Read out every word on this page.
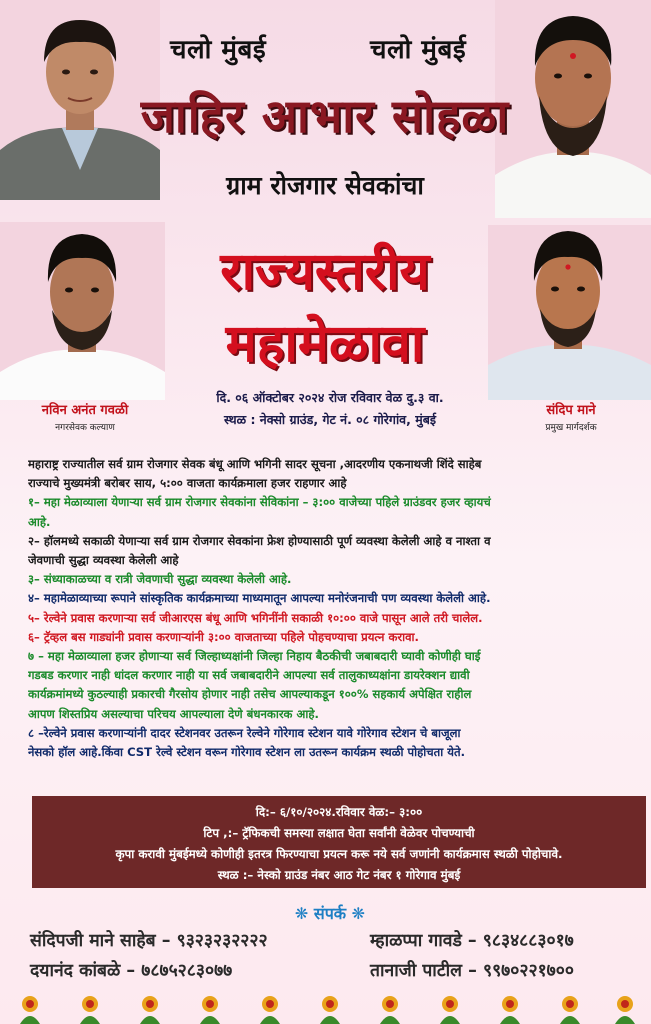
चलो मुंबई	चलो मुंबई
जाहिर आभार सोहळा
ग्राम रोजगार सेवकांचा
राज्यस्तरीय
महामेळावा
नविन अनंत गवळी
नगरसेवक कल्याण
संदिप माने
प्रमुख मार्गदर्शक
दि. ०६ ऑक्टोबर २०२४ रोज रविवार वेळ दु.३ वा.
स्थळ : नेक्सो ग्राउंड, गेट नं. ०८ गोरेगांव, मुंबई

महाराष्ट्र राज्यातील सर्व ग्राम रोजगार सेवक बंधू आणि भगिनी सादर सूचना ,आदरणीय एकनाथजी शिंदे साहेब

राज्याचे मुख्यमंत्री बरोबर साय, ५:०० वाजता कार्यक्रमाला हजर राहणार आहे

१– महा मेळाव्याला येणाऱ्या सर्व ग्राम रोजगार सेवकांना सेविकांना – ३:०० वाजेच्या पहिले ग्राउंडवर हजर व्हायचं

आहे.

२– हॉलमध्ये सकाळी येणाऱ्या सर्व ग्राम रोजगार सेवकांना फ्रेश होण्यासाठी पूर्ण व्यवस्था केलेली आहे व नाश्ता व

जेवणाची सुद्धा व्यवस्था केलेली आहे

३– संध्याकाळच्या व रात्री जेवणाची सुद्धा व्यवस्था केलेली आहे.

४– महामेळाव्याच्या रूपाने सांस्कृतिक कार्यक्रमाच्या माध्यमातून आपल्या मनोरंजनाची पण व्यवस्था केलेली आहे.

५– रेल्वेने प्रवास करणाऱ्या सर्व जीआरएस बंधू आणि भगिनींनी सकाळी १०:०० वाजे पासून आले तरी चालेल.

६– ट्रॅव्हल बस गाड्यांनी प्रवास करणाऱ्यांनी ३:०० वाजताच्या पहिले पोहचण्याचा प्रयत्न करावा.

७ – महा मेळाव्याला हजर होणाऱ्या सर्व जिल्हाध्यक्षांनी जिल्हा निहाय बैठकीची जबाबदारी घ्यावी कोणीही घाई

गडबड करणार नाही धांदल करणार नाही या सर्व जबाबदारीने आपल्या सर्व तालुकाध्यक्षांना डायरेक्शन द्यावी

कार्यक्रमांमध्ये कुठल्याही प्रकारची गैरसोय होणार नाही तसेच आपल्याकडून १००% सहकार्य अपेक्षित राहील

आपण शिस्तप्रिय असल्याचा परिचय आपल्याला देणे बंधनकारक आहे.

८ –रेल्वेने प्रवास करणाऱ्यांनी दादर स्टेशनवर उतरून रेल्वेने गोरेगाव स्टेशन यावे गोरेगाव स्टेशन चे बाजूला

नेसको हॉल आहे.किंवा CST रेल्वे स्टेशन वरून गोरेगाव स्टेशन ला उतरून कार्यक्रम स्थळी पोहोचता येते.

दि:– ६/१०/२०२४.रविवार वेळ:– ३:००
टिप ,:– ट्रॅफिकची समस्या लक्षात घेता सर्वांनी वेळेवर पोचण्याची
कृपा करावी मुंबईमध्ये कोणीही इतरत्र फिरण्याचा प्रयत्न करू नये सर्व जणांनी कार्यक्रमास स्थळी पोहोचावे.
स्थळ :– नेस्को ग्राउंड नंबर आठ गेट नंबर १ गोरेगाव मुंबई
❋ संपर्क ❋
संदिपजी माने साहेब – ९३२३२३२२२२	म्हाळप्पा गावडे – ९८३४८८३०१७
दयानंद कांबळे – ७८७५२८३०७७	तानाजी पाटील – ९९७०२२१७००
